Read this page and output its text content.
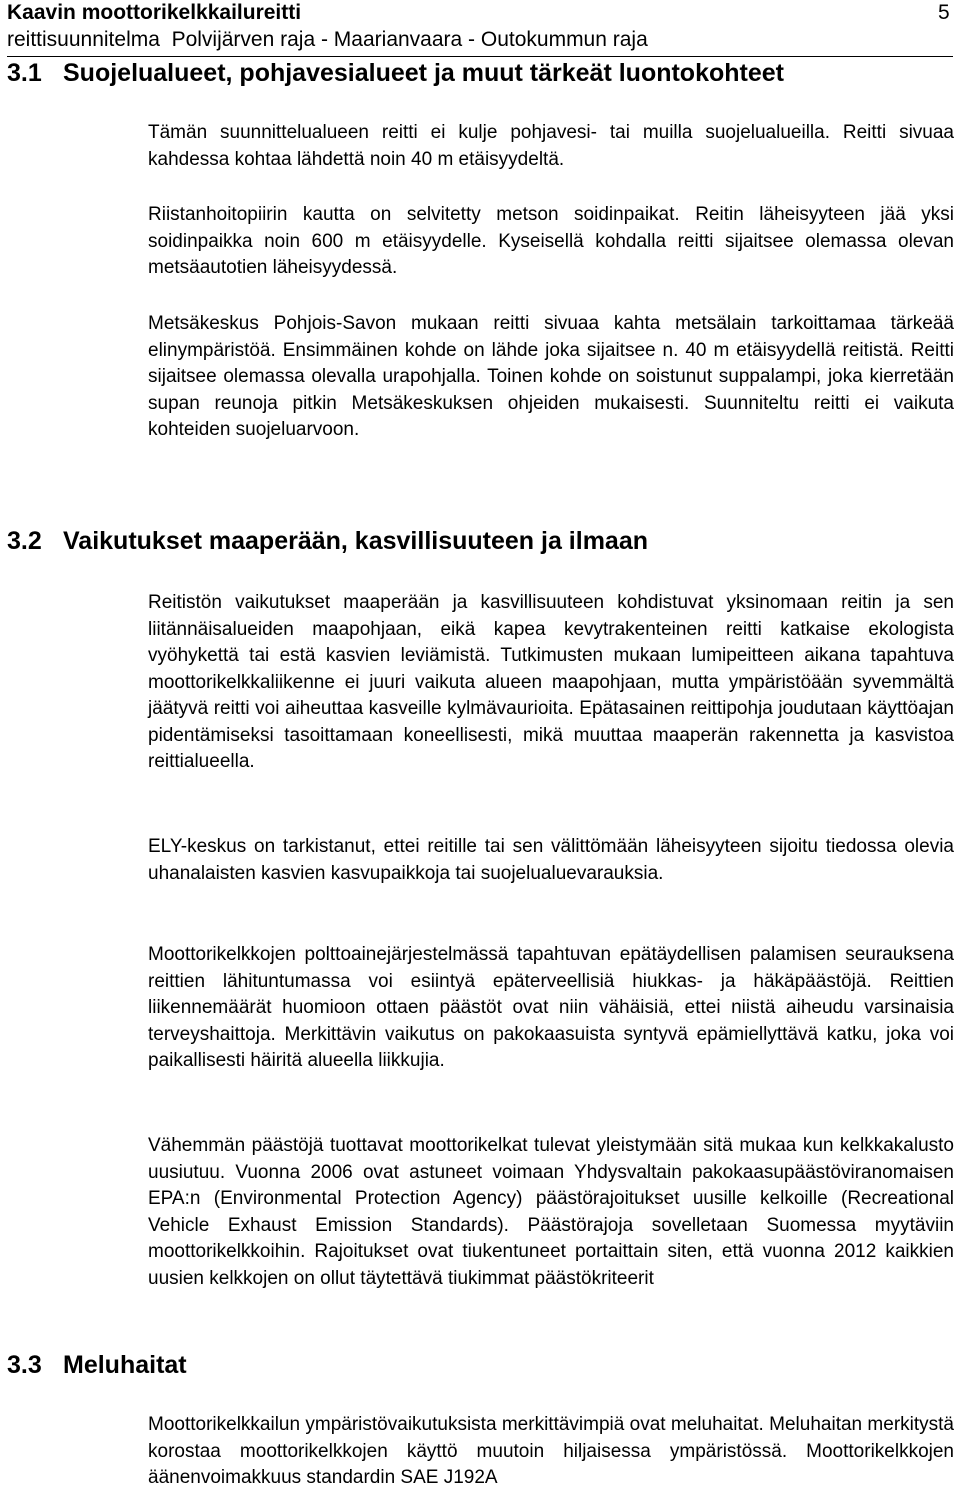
Kaavin moottorikelkkailureitti
reittisuunnitelma  Polvijärven raja - Maarianvaara - Outokummun raja
5
3.1 Suojelualueet, pohjavesialueet ja muut tärkeät luontokohteet

Tämän suunnittelualueen reitti ei kulje pohjavesi- tai muilla suojelualueilla. Reitti sivuaa kahdessa kohtaa lähdettä noin 40 m etäisyydeltä.

Riistanhoitopiirin kautta on selvitetty metson soidinpaikat. Reitin läheisyyteen jää yksi soidinpaikka noin 600 m etäisyydelle. Kyseisellä kohdalla reitti sijaitsee olemassa olevan metsäautotien läheisyydessä.

Metsäkeskus Pohjois-Savon mukaan reitti sivuaa kahta metsälain tarkoittamaa tärkeää elinympäristöä. Ensimmäinen kohde on lähde joka sijaitsee n. 40 m etäisyydellä reitistä. Reitti sijaitsee olemassa olevalla urapohjalla. Toinen kohde on soistunut suppalampi, joka kierretään supan reunoja pitkin Metsäkeskuksen ohjeiden mukaisesti. Suunniteltu reitti ei vaikuta kohteiden suojeluarvoon.

3.2 Vaikutukset maaperään, kasvillisuuteen ja ilmaan

Reitistön vaikutukset maaperään ja kasvillisuuteen kohdistuvat yksinomaan reitin ja sen liitännäisalueiden maapohjaan, eikä kapea kevytrakenteinen reitti katkaise ekologista vyöhykettä tai estä kasvien leviämistä. Tutkimusten mukaan lumipeitteen aikana tapahtuva moottorikelkkaliikenne ei juuri vaikuta alueen maapohjaan, mutta ympäristöään syvemmältä jäätyvä reitti voi aiheuttaa kasveille kylmävaurioita. Epätasainen reittipohja joudutaan käyttöajan pidentämiseksi tasoittamaan koneellisesti, mikä muuttaa maaperän rakennetta ja kasvistoa reittialueella.

ELY-keskus on tarkistanut, ettei reitille tai sen välittömään läheisyyteen sijoitu tiedossa olevia uhanalaisten kasvien kasvupaikkoja tai suojelualuevarauksia.

Moottorikelkkojen polttoainejärjestelmässä tapahtuvan epätäydellisen palamisen seurauksena reittien lähituntumassa voi esiintyä epäterveellisiä hiukkas- ja häkäpäästöjä. Reittien liikennemäärät huomioon ottaen päästöt ovat niin vähäisiä, ettei niistä aiheudu varsinaisia terveyshaittoja. Merkittävin vaikutus on pakokaasuista syntyvä epämiellyttävä katku, joka voi paikallisesti häiritä alueella liikkujia.

Vähemmän päästöjä tuottavat moottorikelkat tulevat yleistymään sitä mukaa kun kelkkakalusto uusiutuu. Vuonna 2006 ovat astuneet voimaan Yhdysvaltain pakokaasupäästöviranomaisen EPA:n (Environmental Protection Agency) päästörajoitukset uusille kelkoille (Recreational Vehicle Exhaust Emission Standards). Päästörajoja sovelletaan Suomessa myytäviin moottorikelkkoihin. Rajoitukset ovat tiukentuneet portaittain siten, että vuonna 2012 kaikkien uusien kelkkojen on ollut täytettävä tiukimmat päästökriteerit

3.3 Meluhaitat

Moottorikelkkailun ympäristövaikutuksista merkittävimpiä ovat meluhaitat. Meluhaitan merkitystä korostaa moottorikelkkojen käyttö muutoin hiljaisessa ympäristössä. Moottorikelkkojen äänenvoimakkuus standardin SAE J192A
